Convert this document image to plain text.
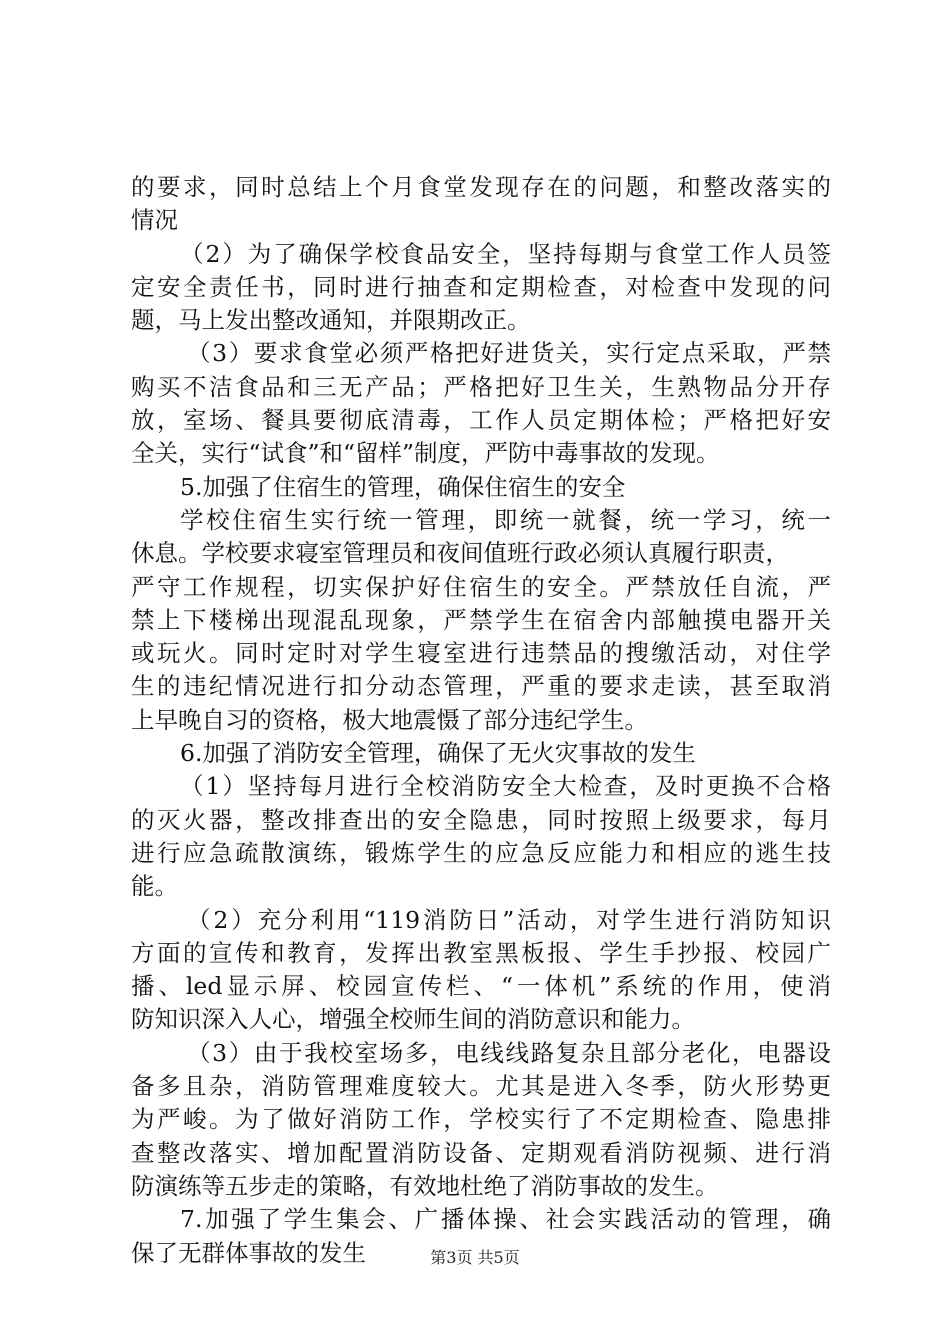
的要求，同时总结上个月食堂发现存在的问题，和整改落实的
情况
（2）为了确保学校食品安全，坚持每期与食堂工作人员签
定安全责任书，同时进行抽查和定期检查，对检查中发现的问
题，马上发出整改通知，并限期改正。
（3）要求食堂必须严格把好进货关，实行定点采取，严禁
购买不洁食品和三无产品；严格把好卫生关，生熟物品分开存
放，室场、餐具要彻底清毒，工作人员定期体检；严格把好安
全关，实行“试食”和“留样”制度，严防中毒事故的发现。
5.加强了住宿生的管理，确保住宿生的安全
学校住宿生实行统一管理，即统一就餐，统一学习，统一
休息。学校要求寝室管理员和夜间值班行政必须认真履行职责，
严守工作规程，切实保护好住宿生的安全。严禁放任自流，严
禁上下楼梯出现混乱现象，严禁学生在宿舍内部触摸电器开关
或玩火。同时定时对学生寝室进行违禁品的搜缴活动，对住学
生的违纪情况进行扣分动态管理，严重的要求走读，甚至取消
上早晚自习的资格，极大地震慑了部分违纪学生。
6.加强了消防安全管理，确保了无火灾事故的发生
（1）坚持每月进行全校消防安全大检查，及时更换不合格
的灭火器，整改排查出的安全隐患，同时按照上级要求，每月
进行应急疏散演练，锻炼学生的应急反应能力和相应的逃生技
能。
（2）充分利用“119消防日”活动，对学生进行消防知识
方面的宣传和教育，发挥出教室黑板报、学生手抄报、校园广
播、led显示屏、校园宣传栏、“一体机”系统的作用，使消
防知识深入人心，增强全校师生间的消防意识和能力。
（3）由于我校室场多，电线线路复杂且部分老化，电器设
备多且杂，消防管理难度较大。尤其是进入冬季，防火形势更
为严峻。为了做好消防工作，学校实行了不定期检查、隐患排
查整改落实、增加配置消防设备、定期观看消防视频、进行消
防演练等五步走的策略，有效地杜绝了消防事故的发生。
7.加强了学生集会、广播体操、社会实践活动的管理，确
保了无群体事故的发生	第3页 共5页
